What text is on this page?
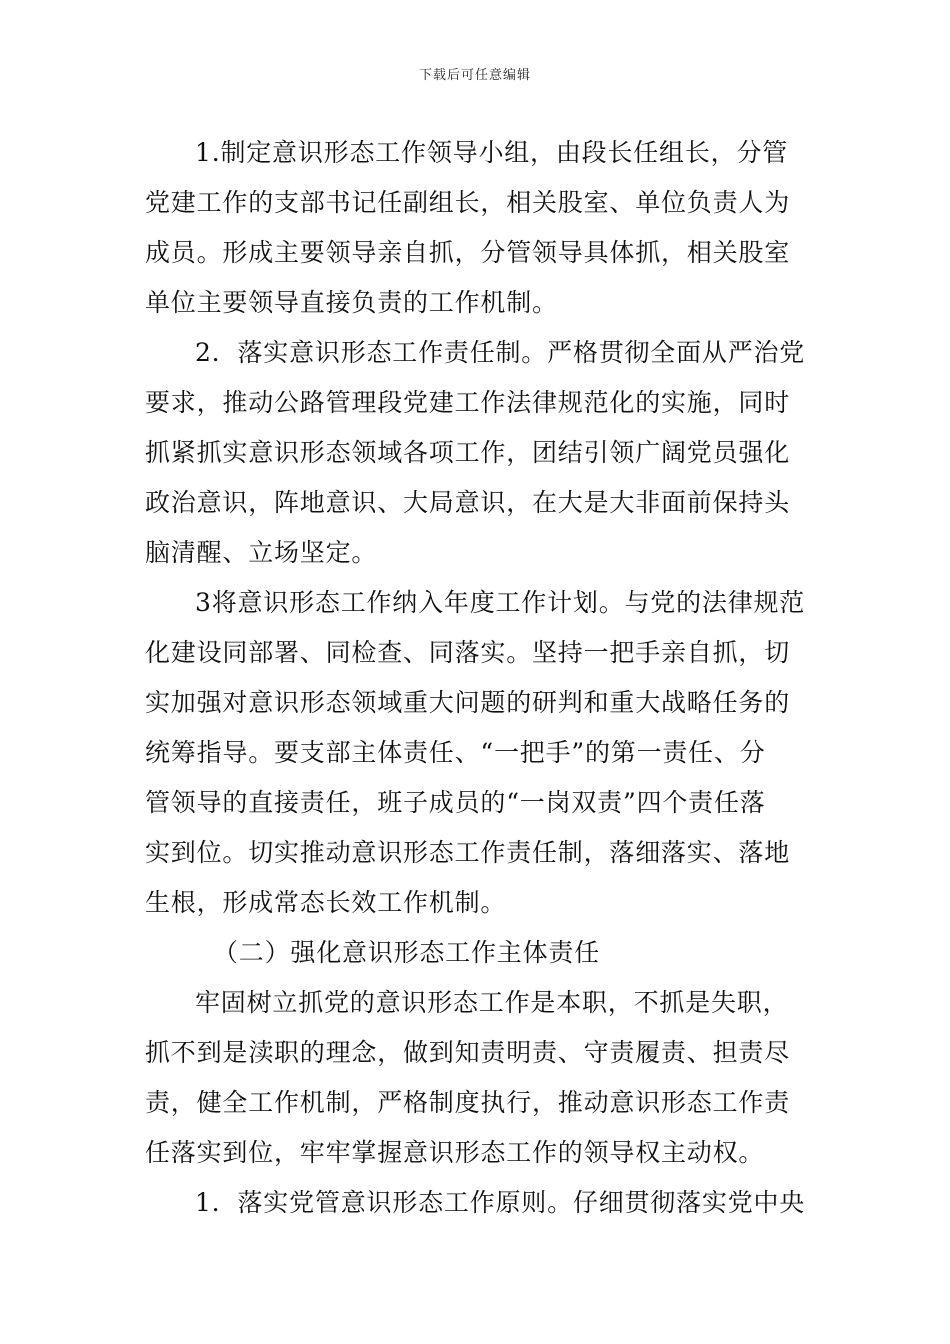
下载后可任意编辑
1.制定意识形态工作领导小组，由段长任组长，分管
党建工作的支部书记任副组长，相关股室、单位负责人为
成员。形成主要领导亲自抓，分管领导具体抓，相关股室
单位主要领导直接负责的工作机制。
2．落实意识形态工作责任制。严格贯彻全面从严治党
要求，推动公路管理段党建工作法律规范化的实施，同时
抓紧抓实意识形态领域各项工作，团结引领广阔党员强化
政治意识，阵地意识、大局意识，在大是大非面前保持头
脑清醒、立场坚定。
3将意识形态工作纳入年度工作计划。与党的法律规范
化建设同部署、同检查、同落实。坚持一把手亲自抓，切
实加强对意识形态领域重大问题的研判和重大战略任务的
统筹指导。要支部主体责任、“一把手”的第一责任、分
管领导的直接责任，班子成员的“一岗双责”四个责任落
实到位。切实推动意识形态工作责任制，落细落实、落地
生根，形成常态长效工作机制。
（二）强化意识形态工作主体责任
牢固树立抓党的意识形态工作是本职，不抓是失职，
抓不到是渎职的理念，做到知责明责、守责履责、担责尽
责，健全工作机制，严格制度执行，推动意识形态工作责
任落实到位，牢牢掌握意识形态工作的领导权主动权。
1．落实党管意识形态工作原则。仔细贯彻落实党中央
